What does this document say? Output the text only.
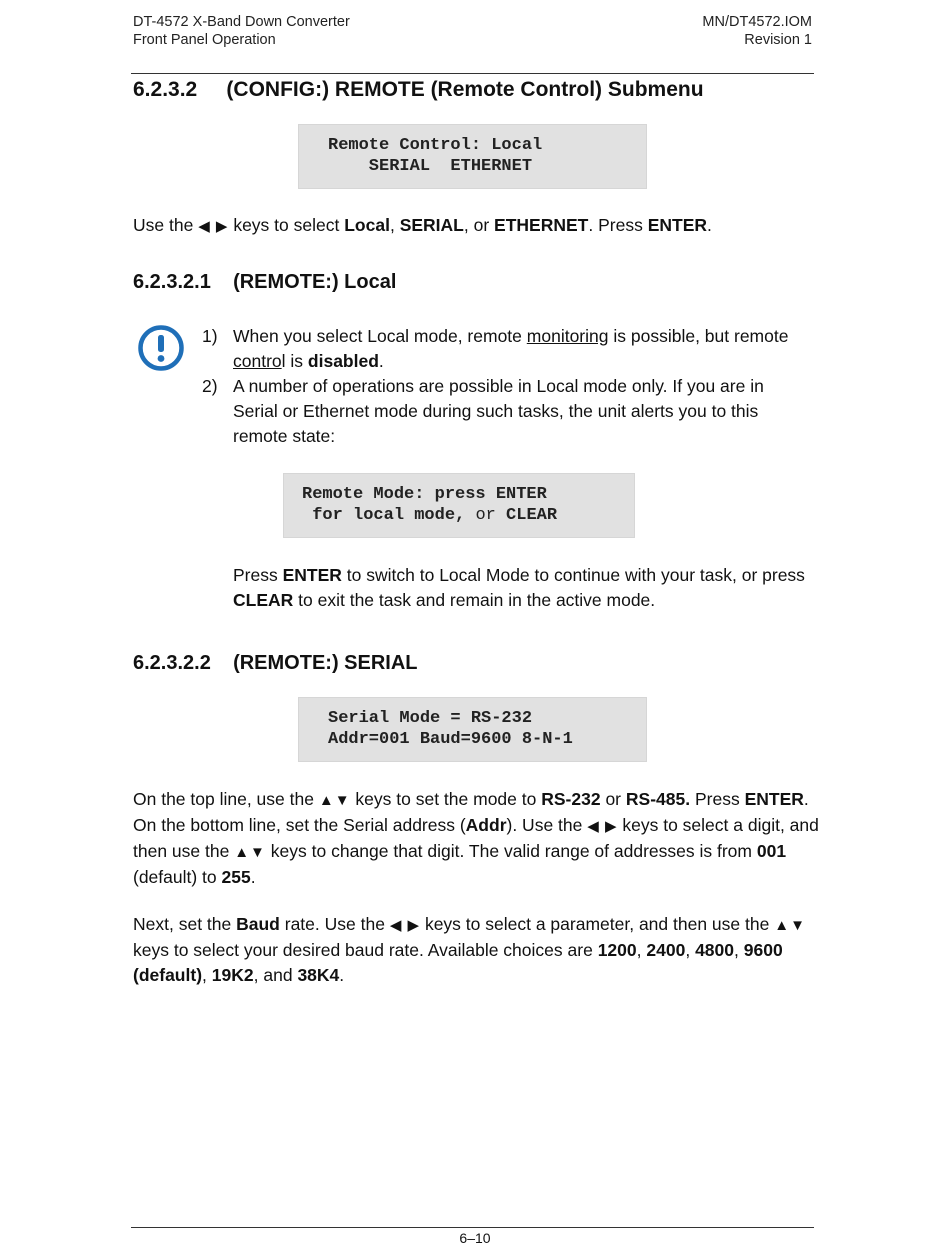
DT-4572 X-Band Down Converter
Front Panel Operation
MN/DT4572.IOM
Revision 1
6.2.3.2 (CONFIG:) REMOTE (Remote Control) Submenu
Remote Control: Local
SERIAL  ETHERNET
Use the ◀ ▶ keys to select Local, SERIAL, or ETHERNET. Press ENTER.
6.2.3.2.1 (REMOTE:) Local
1) When you select Local mode, remote monitoring is possible, but remote control is disabled.
2) A number of operations are possible in Local mode only. If you are in Serial or Ethernet mode during such tasks, the unit alerts you to this remote state:
Remote Mode: press ENTER
for local mode, or CLEAR
Press ENTER to switch to Local Mode to continue with your task, or press CLEAR to exit the task and remain in the active mode.
6.2.3.2.2 (REMOTE:) SERIAL
Serial Mode = RS-232
Addr=001 Baud=9600 8-N-1
On the top line, use the ▲▼ keys to set the mode to RS-232 or RS-485. Press ENTER. On the bottom line, set the Serial address (Addr). Use the ◀ ▶ keys to select a digit, and then use the ▲▼ keys to change that digit. The valid range of addresses is from 001 (default) to 255.
Next, set the Baud rate. Use the ◀ ▶ keys to select a parameter, and then use the ▲▼ keys to select your desired baud rate. Available choices are 1200, 2400, 4800, 9600 (default), 19K2, and 38K4.
6–10
